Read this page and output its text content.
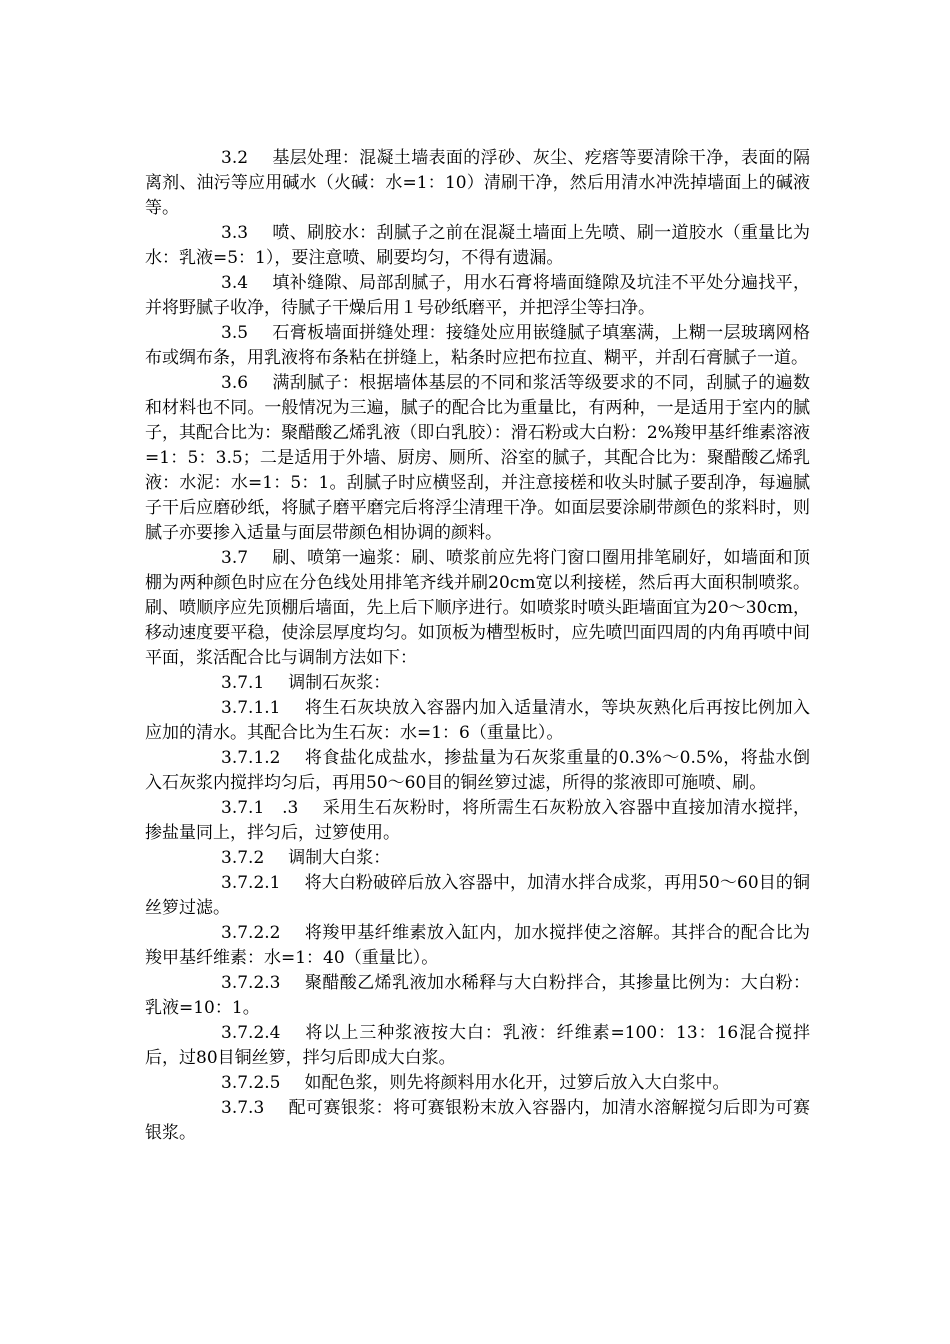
3.2 基层处理：混凝土墙表面的浮砂、灰尘、疙瘩等要清除干净，表面的隔离剂、油污等应用碱水（火碱：水=1：10）清刷干净，然后用清水冲洗掉墙面上的碱液等。

3.3 喷、刷胶水：刮腻子之前在混凝土墙面上先喷、刷一道胶水（重量比为水：乳液=5：1），要注意喷、刷要均匀，不得有遗漏。

3.4 填补缝隙、局部刮腻子，用水石膏将墙面缝隙及坑洼不平处分遍找平，并将野腻子收净，待腻子干燥后用１号砂纸磨平，并把浮尘等扫净。

3.5 石膏板墙面拼缝处理：接缝处应用嵌缝腻子填塞满，上糊一层玻璃网格布或绸布条，用乳液将布条粘在拼缝上，粘条时应把布拉直、糊平，并刮石膏腻子一道。

3.6 满刮腻子：根据墙体基层的不同和浆活等级要求的不同，刮腻子的遍数和材料也不同。一般情况为三遍，腻子的配合比为重量比，有两种，一是适用于室内的腻子，其配合比为：聚醋酸乙烯乳液（即白乳胶）：滑石粉或大白粉：2%羧甲基纤维素溶液=1：5：3.5；二是适用于外墙、厨房、厕所、浴室的腻子，其配合比为：聚醋酸乙烯乳液：水泥：水=1：5：1。刮腻子时应横竖刮，并注意接槎和收头时腻子要刮净，每遍腻子干后应磨砂纸，将腻子磨平磨完后将浮尘清理干净。如面层要涂刷带颜色的浆料时，则腻子亦要掺入适量与面层带颜色相协调的颜料。

3.7 刷、喷第一遍浆：刷、喷浆前应先将门窗口圈用排笔刷好，如墙面和顶棚为两种颜色时应在分色线处用排笔齐线并刷20cm宽以利接槎，然后再大面积制喷浆。刷、喷顺序应先顶棚后墙面，先上后下顺序进行。如喷浆时喷头距墙面宜为20～30cm，移动速度要平稳，使涂层厚度均匀。如顶板为槽型板时，应先喷凹面四周的内角再喷中间平面，浆活配合比与调制方法如下：

3.7.1 调制石灰浆：

3.7.1.1 将生石灰块放入容器内加入适量清水，等块灰熟化后再按比例加入应加的清水。其配合比为生石灰：水=1：6（重量比）。

3.7.1.2 将食盐化成盐水，掺盐量为石灰浆重量的0.3%～0.5%，将盐水倒入石灰浆内搅拌均匀后，再用50～60目的铜丝箩过滤，所得的浆液即可施喷、刷。

3.7.1　.3 采用生石灰粉时，将所需生石灰粉放入容器中直接加清水搅拌，掺盐量同上，拌匀后，过箩使用。

3.7.2 调制大白浆：

3.7.2.1 将大白粉破碎后放入容器中，加清水拌合成浆，再用50～60目的铜丝箩过滤。

3.7.2.2 将羧甲基纤维素放入缸内，加水搅拌使之溶解。其拌合的配合比为羧甲基纤维素：水=1：40（重量比）。

3.7.2.3 聚醋酸乙烯乳液加水稀释与大白粉拌合，其掺量比例为：大白粉：乳液=10：1。

3.7.2.4 将以上三种浆液按大白：乳液：纤维素=100：13：16混合搅拌后，过80目铜丝箩，拌匀后即成大白浆。

3.7.2.5 如配色浆，则先将颜料用水化开，过箩后放入大白浆中。

3.7.3 配可赛银浆：将可赛银粉末放入容器内，加清水溶解搅匀后即为可赛银浆。
